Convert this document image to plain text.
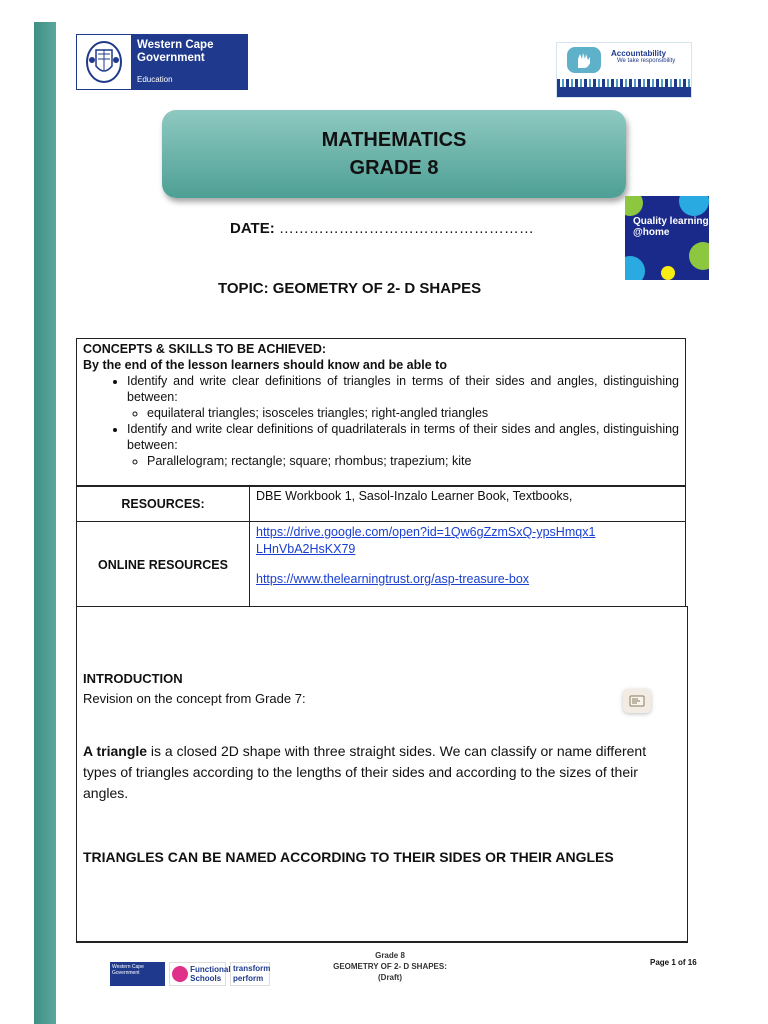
Western Cape
Government
Education
Accountability
We take responsibility
MATHEMATICS
GRADE 8
DATE: ……………………………………………	Quality learning @home
TOPIC: GEOMETRY OF 2- D SHAPES
CONCEPTS & SKILLS TO BE ACHIEVED:
By the end of the lesson learners should know and be able to
• Identify and write clear definitions of triangles in terms of their sides and angles, distinguishing between:
◦ equilateral triangles; isosceles triangles; right-angled triangles
• Identify and write clear definitions of quadrilaterals in terms of their sides and angles, distinguishing between:
◦ Parallelogram; rectangle; square; rhombus; trapezium; kite
RESOURCES:	DBE Workbook 1, Sasol-Inzalo Learner Book, Textbooks,
ONLINE RESOURCES	https://drive.google.com/open?id=1Qw6gZzmSxQ-ypsHmqx1LHnVbA2HsKX79
https://www.thelearningtrust.org/asp-treasure-box
INTRODUCTION
Revision on the concept from Grade 7:
A triangle is a closed 2D shape with three straight sides. We can classify or name different types of triangles according to the lengths of their sides and according to the sizes of their angles.
TRIANGLES CAN BE NAMED ACCORDING TO THEIR SIDES OR THEIR ANGLES
Western Cape
Government	Functional
Schools
transform
perform
Grade 8
GEOMETRY OF 2- D SHAPES:
(Draft)
Page 1 of 16
